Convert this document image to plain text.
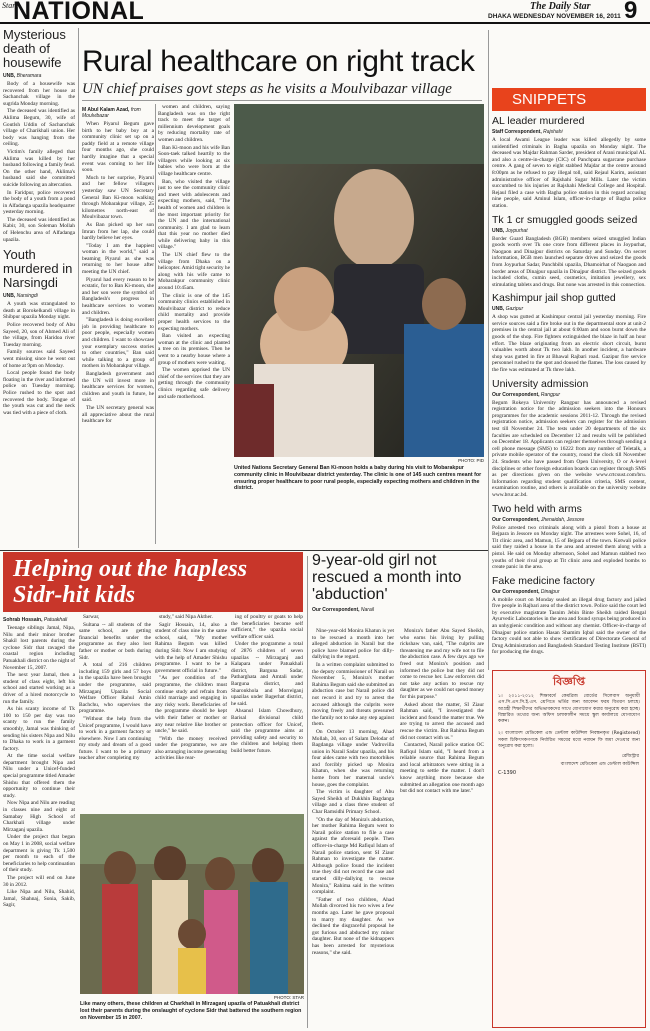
Star
NATIONAL	The Daily Star
DHAKA WEDNESDAY NOVEMBER 16, 2011 9
Mysterious death of housewife
UNB, Bheramara

Body of a housewife was recovered from her house at Sachanchak village in the sugrida Monday morning.

The deceased was identified as Aklima Begum, 30, wife of Goutlsh Uddin of Sachanchak village of Charikhali union. Her body was hanging from the ceiling.

Victim's family alleged that Aklima was killed by her husband following a family feud. On the other hand, Aklima's husband said she committed suicide following an altercation.

In Faridpur, police recovered the body of a youth from a pond in Alfadanga upazila headquarter yesterday morning.

The deceased was identified as Kabir, 30, son Soleman Mollah of Helenchu area of Alfadanga upazila.

Youth murdered in Narsingdi
UNB, Narsingdi

A youth was strangulated to death at Borokelkandi village in Shibpur upazila Monday night.

Police recovered body of Abu Sayeed, 20, son of Ahmed Ali of the village, from Haridoa river Tuesday morning.

Family sources said Sayeed went missing since he went out of home at 9pm on Monday.

Local people found the body floating in the river and informed police on Tuesday morning. Police rushed to the spot and recovered the body. Tongue of the youth was cut and the neck was tied with a piece of cloth.

Rural healthcare on right track
UN chief praises govt steps as he visits a Moulvibazar village
M Abul Kalam Azad, from Moulvibazar

When Piyarul Begum gave birth to her baby boy at a community clinic set up on a paddy field at a remote village four months ago, she could hardly imagine that a special event was coming to her life soon.

Much to her surprise, Piyarul and her fellow villagers yesterday saw UN Secretary General Ban Ki-moon walking through Mobarakpur village, 25 kilometres north-east of Moulvibazar town.

As Ban picked up her son Imran from her lap, she could hardly believe her eyes.

"Today I am the happiest woman in the world," said a beaming Piyarul as she was returning to her house after meeting the UN chief.

Piyarul had every reason to be ecstatic, for to Ban Ki-moon, she and her son were the symbol of Bangladesh's progress in healthcare services to women and children.

"Bangladesh is doing excellent job in providing healthcare to poor people, especially women and children. I want to showcase your exemplary success stories to other countries," Ban said while talking to a group of mothers in Mobarakpur village.

Bangladesh government and the UN will invest more in healthcare services for women, children and youth in future, he said.

The UN secretary general was all appreciative about the rural healthcare for

women and children, saying Bangladesh was on the right track to meet the target of millennium development goals by reducing mortality rate of women and children.

Ban Ki-moon and his wife Ban Soon-taek talked heartily to the villagers while looking at six babies who were born at the village healthcare centre.

Ban, who visited the village just to see the community clinic and meet with adolescents and expecting mothers, said, "The health of women and children is the most important priority for the UN and the international community. I am glad to learn that this year no mother died while delivering baby in this village."

The UN chief flew to the village from Dhaka on a helicopter. Amid tight security he along with his wife came to Mobarakpur community clinic around 10:45am.

The clinic is one of the 145 community clinics established in Moulvibazar district to reduce child mortality and provide proper health services to the expecting mothers.

Ban visited an expecting woman at the clinic and planted a tree on its premises. Then he went to a nearby house where a group of mothers were waiting.

The women apprised the UN chief of the services that they are getting through the community clinics regarding safe delivery and safe motherhood.

PHOTO: PID
United Nations Secretary General Ban Ki-moon holds a baby during his visit to Mobarakpur community clinic in Moulvibazar district yesterday. The clinic is one of 145 such centres meant for ensuring proper healthcare to poor rural people, especially expecting mothers and children in the district.
SNIPPETS
AL leader murdered
Staff Correspondent, Rajshahi
A local Awami League leader was killed allegedly by some unidentified criminals in Bagha upazila on Monday night. The deceased was Majdar Rahman Sarder, president of Arani municipal AL and also a centre-in-charge (CIC) of Panchpara sugarcane purchase centre. A gang of seven to eight stabbed Majdar at the centre around 8:00pm as he refused to pay illegal toll, said Rejaul Karim, assistant administrative officer of Rajshahi Sugar Mills. Later the victim succumbed to his injuries at Rajshahi Medical College and Hospital. Rejaul filed a case with Bagha police station in this regard accusing nine people, said Aminul Islam, officer-in-charge of Bagha police station.
Tk 1 cr smuggled goods seized
UNB, Joypurhat
Border Guard Bangladesh (BGB) members seized smuggled Indian goods worth over Tk one crore from different places in Joypurhat, Naogaon and Dinajpur districts on Saturday and Sunday. On secret information, BGB men launched separate drives and seized the goods from Joypurhat Sadar, Panchbibi upazila, Dhamoirhat of Naogaon and border areas of Dinajpur upazila in Dinajpur district. The seized goods included cloths, cumin seed, cosmetics, imitation jewellery, sex stimulating tablets and drugs. But none was arrested in this connection.
Kashimpur jail shop gutted
UNB, Gazipur
A shop was gutted at Kashimpur central jail yesterday morning. Fire service sources said a fire broke out in the departmental store at unit-2 premises in the central jail at about 6:00am and soon burnt down the goods of the shop. Fire fighters extinguished the blaze in half an hour effort. The blaze originating from an electric short circuit, burnt valuables worth about Tk two lakh. In another incident, a hardware shop was gutted in fire at Bhawal Rajbari road. Gazipur fire service personnel rushed to the spot and doused the flames. The loss caused by the fire was estimated at Tk three lakh.
University admission
Our Correspondent, Rangpur
Begum Rokeya University Rangpur has announced a revised registration notice for the admission seekers into the Honours programmes for the academic sessions 2011-12. Through the revised registration notice, admission seekers can register for the admission test till November 24. The tests under 20 departments of the six faculties are scheduled on December 12 and results will be published on December 18. Applicants can register themselves through sending a cell phone message (SMS) to 16222 from any number of Teletalk, a private mobile operator of the country, round the clock till November 24. Students who have passed from Open University, O or A-level disciplines or other foreign education boards can register through SMS as per directions given on the website www.crtcsust.com/bru. Information regarding student qualification criteria, SMS content, examination routine, and others is available on the university website www.brur.ac.bd.
Two held with arms
Our Correspondent, Jhenaidah, Jessore
Police arrested two criminals along with a pistol from a house at Bejpara in Jessore on Monday night. The arrestees were Sohel, 16, of Tit clinic area, and Mamun, 15 of Bejpara of the town. Kotwali police said they raided a house in the area and arrested them along with a pistol. He said on Monday afternoon, Sohel and Mamun stabbed two youths of their rival group at Tit clinic area and exploded bombs to create panic in the area.
Fake medicine factory
Our Correspondent, Dinajpur
A mobile court on Monday sealed an illegal drug factory and jailed five people in Rajbari area of the district town. Police said the court led by executive magistrate Tasnim Jebin Binte Sheikh raided Bengal Ayurvedic Laboratories in the area and found syrups being produced in an unhygienic condition and without any chemist. Officer-in-charge of Dinajpur police station Hasan Shamim Iqbal said the owner of the factory could not able to show certificates of Directorate General of Drug Administration and Bangladesh Standard Testing Institute (BSTI) for producing the drugs.
Helping out the hapless Sidr-hit kids
Sohrab Hossain, Patuakhali

Teenage siblings Jamal, Nipa, Nilu and their minor brother Shakil lost parents during the cyclone Sidr that ravaged the coastal region including Patuakhali district on the night of November 15, 2007.

The next year Jamal, then a student of class eight, left his school and started working as a driver of a hired motorcycle to run the family.

As his scanty income of Tk 100 to 150 per day was too scanty to run the family smoothly, Jamal was thinking of sending his sisters Nipa and Nilu to Dhaka to work in a garment factory.

At the time social welfare department brought Nipa and Nilu under a Unicef-funded special programme titled Amader Shishu that offered them the opportunity to continue their study.

Now Nipa and Nilu are reading in classes nine and eight at Samabay High School of Charkhali village under Mirzaganj upazila.

Under the project that began on May 1 in 2008, social welfare department is giving Tk 1,500 per month to each of the beneficiaries to help continuation of their study.

The project will end on June 30 in 2012.

Like Nipa and Nilu, Shahid, Jamal, Shahnaj, Sonia, Sakib, Sagir,

Sarwar,

Sultana -- all students of the same school, are getting financial benefits under the programme as they also lost father or mother or both during Sidr.

A total of 216 children including 159 girls and 57 boys in the upazila have been brought under the programme, said Mirzaganj Upazila Social Welfare Officer Rahul Amin Bachchu, who supervises the programme.

"Without the help from the Unicef programme, I would have to work in a garment factory or elsewhere. Now I am continuing my study and dream of a good future. I want to be a primary teacher after completing my

study," said Nipa Akther.

Sagir Hossain, 14, also a student of class nine in the same school, said, "My mother Rahima Begum was killed during Sidr. Now I am studying with the help of Amader Shishu programme. I want to be a government official in future."

"As per condition of the programme, the children must continue study and refrain from child marriage and engaging in any risky work. Beneficiaries of the programme should be kept with their father or mother or any near relative like brother or uncle," he said.

"With the money received under the programme, we are also arranging income generating activities like rear-

ing of poultry or goats to help the beneficiaries become self sufficient," the upazila social welfare officer said.

Under the programme a total of 2876 children of seven upazilas -- Mirzaganj and Kalapara under Patuakhali district, Barguna Sadar, Patharghata and Amtali under Barguna district, and Sharonkhola and Morrelganj upazilas under Bagerhat district, he said.

Ahsanul Islam Chowdhury, Barisal divisional child protection officer for Unicef, said the programme aims at providing safety and security to the children and helping them build better future.

PHOTO: STAR
Like many others, these children at Charkhali in Mirzaganj upazila of Patuakhali district lost their parents during the onslaught of cyclone Sidr that battered the southern region on November 15 in 2007.
9-year-old girl not rescued a month into 'abduction'
Our Correspondent, Narail

Nine-year-old Monira Khatun is yet to be rescued a month into her alleged abduction in Narail but the police have blamed police for dilly-dallying in the regard.

In a written complaint submitted to the deputy commissioner of Narail on November 5, Monira's mother Rahima Begum said she submitted an abduction case but Narail police did not record it and try to arrest the accused although the culprits were moving freely and threats pressured the family not to take any step against them.

On October 13 morning, Ahad Mollah, 30, son of Salam Delodar of Bagdanga village under Vadrovilla union in Narail Sadar upazila, and his four aides came with two motorbikes and forcibly picked up Monira Khatun, when she was returning home from her maternal uncle's house, goes the complaint.

The victim is daughter of Abu Sayed Sheikh of Dukkhin Bagdanga village and a class three student of Char Ramsidhi Primary School.

"On the day of Monira's abduction, her mother Rahima Begum went to Narail police station to file a case against the aforesaid people. Then officer-in-charge Md Rafiqul Islam of Narail police station, sent SI Ziaur Rahman to investigate the matter. Although police found the incident true they did not record the case and started dilly-dallying to rescue Monira," Rahima said in the written complaint.

"Father of two children, Ahad Mollah divorced his two wives a few months ago. Later he gave proposal to marry my daughter. As we declined the disgraceful proposal he got furious and abducted my minor daughter. But none of the kidnappers has been arrested for mysterious reasons," she said.

Monira's father Abu Sayed Sheikh, who earns his living by pulling rickshaw van, said, "The culprits are threatening me and my wife not to file the abduction case. A few days ago we freed out Monira's position and informed the police but they did not come to rescue her. Law enforcers did not take any action to rescue my daughter as we could not spend money for this purpose."

Asked about the matter, SI Ziaur Rahman said, "I investigated the incident and found the matter true. We are trying to arrest the accused and rescue the victim. But Rahima Begum did not contact with us."

Contacted, Narail police station OC Rafiqul Islam said, "I heard from a reliable source that Rahima Begum and local arbitrators were sitting in a meeting to settle the matter. I don't know anything more because she submitted an allegation one month ago but did not contact with me later."

বিজ্ঞপ্তি
১। ২০১১-২০১২ শিক্ষাবর্ষে কেমব্রিজ বোর্ডের সিলেবাস অনুযায়ী এস.সি.এস.সি.ই.এস. শ্রেণিতে ভর্তির জন্য আবেদন ফরম বিতরণ চলছে। আগ্রহী শিক্ষার্থীদের অভিভাবকদের সাথে যোগাযোগ করার অনুরোধ করা হচ্ছে। বিস্তারিত তথ্যের জন্য অফিস চলাকালীন সময়ে স্কুল কার্যালয়ে যোগাযোগ করুন।
২। বাংলাদেশ মেডিকেল এন্ড ডেন্টাল কাউন্সিল নিবন্ধনকৃত (Registered) সকল চিকিৎসকগণকে নির্ধারিত সময়ের মধ্যে নবায়ন ফি জমা দেওয়ার জন্য অনুরোধ করা হলো।
রেজিস্ট্রার
বাংলাদেশ মেডিকেল এন্ড ডেন্টাল কাউন্সিল
C-1390
